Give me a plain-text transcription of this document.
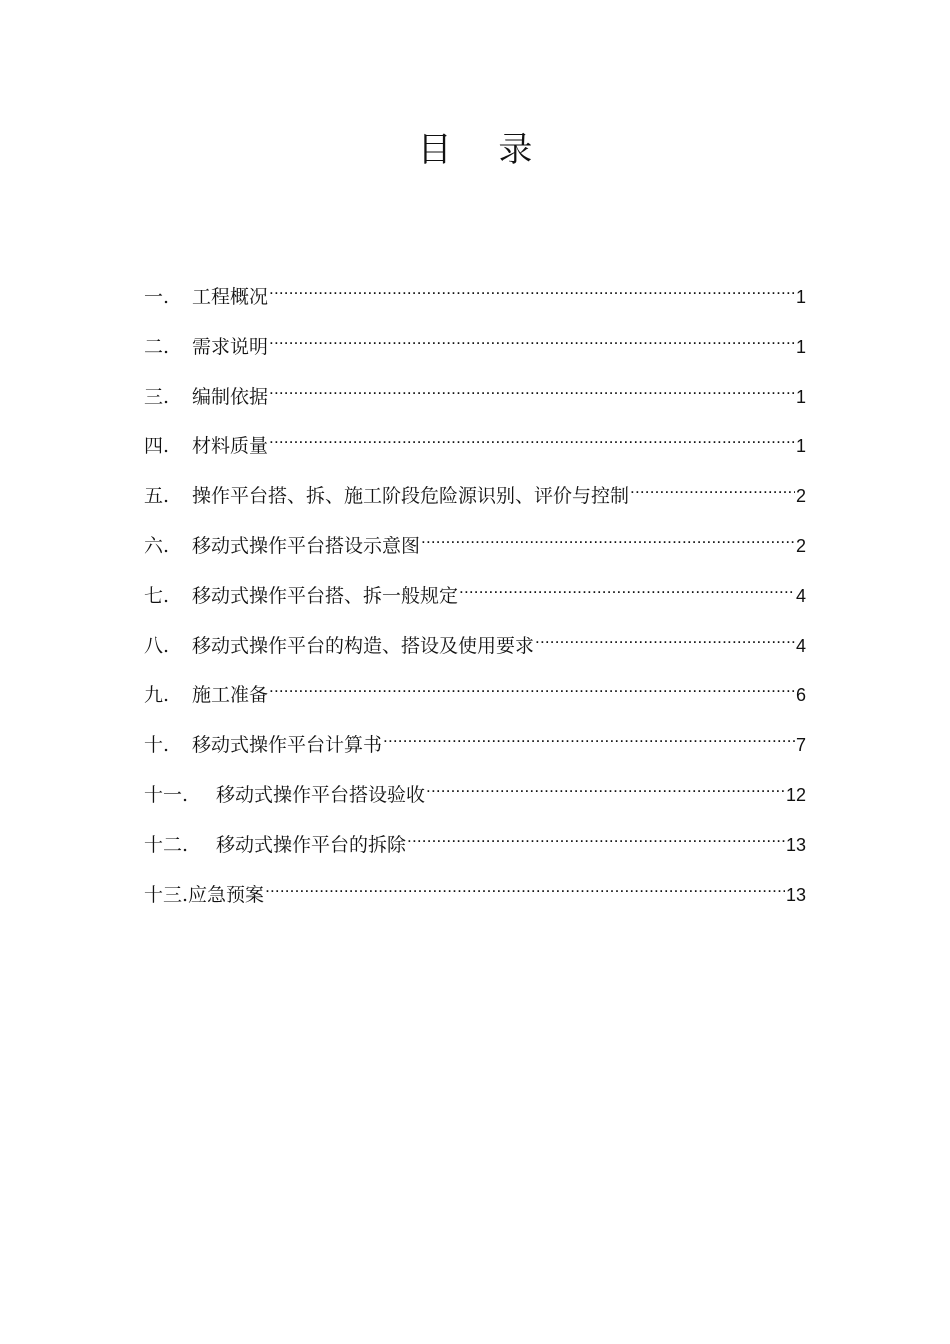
目 录
一.	工程概况 .....	1
二.	需求说明 .....	1
三.	编制依据 .....	1
四.	材料质量 .....	1
五.	操作平台搭、拆、施工阶段危险源识别、评价与控制 .....	2
六.	移动式操作平台搭设示意图 .....	2
七.	移动式操作平台搭、拆一般规定 .....	4
八.	移动式操作平台的构造、搭设及使用要求 .....	4
九.	施工准备 .....	6
十.	移动式操作平台计算书 .....	7
十一.	移动式操作平台搭设验收 .....	12
十二.	移动式操作平台的拆除 .....	13
十三. 应急预案 .....	13
